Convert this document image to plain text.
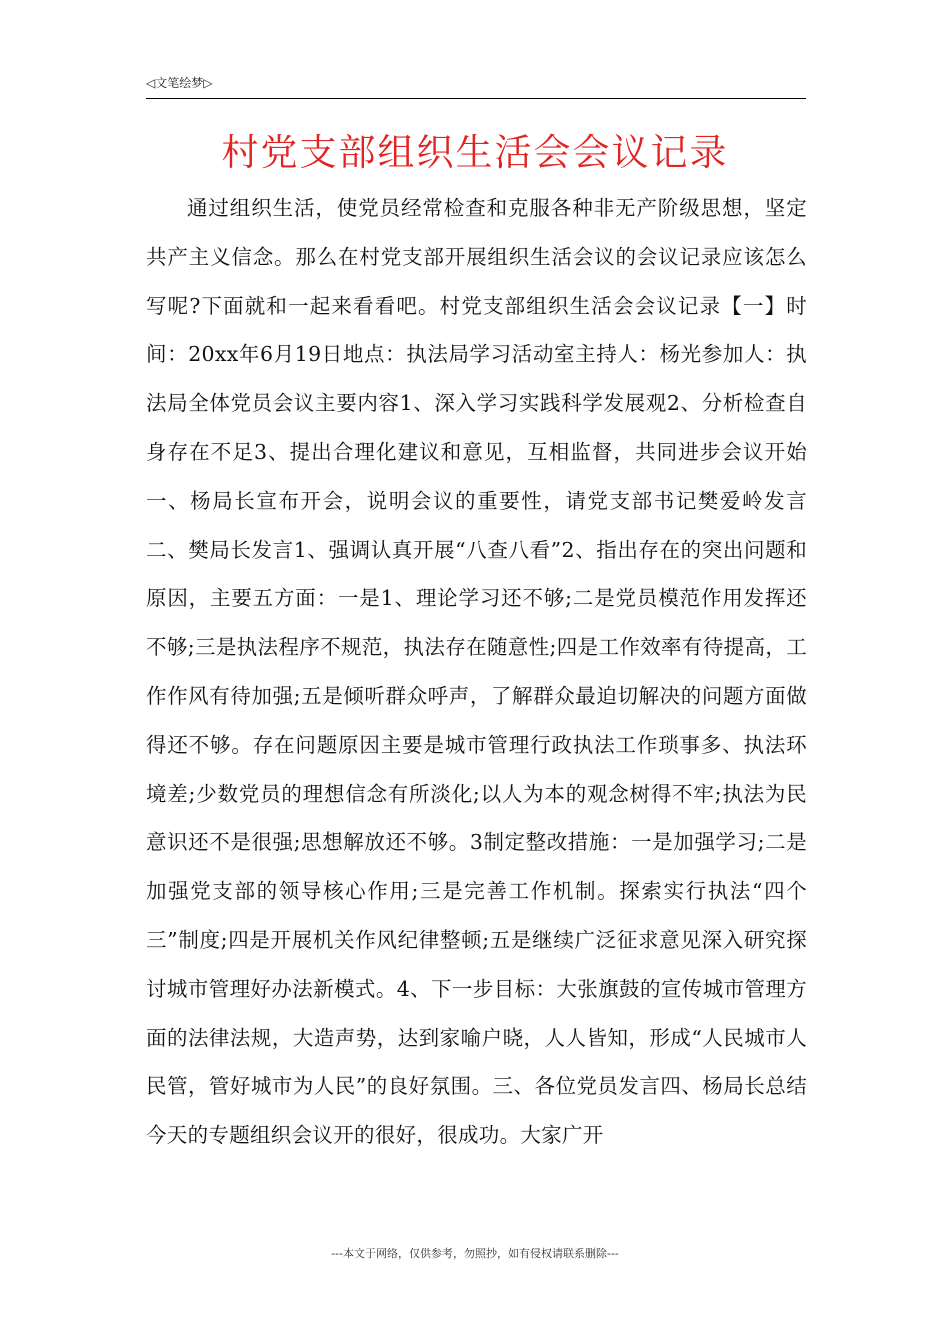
◁文笔绘梦▷
村党支部组织生活会会议记录

通过组织生活，使党员经常检查和克服各种非无产阶级思想，坚定共产主义信念。那么在村党支部开展组织生活会议的会议记录应该怎么写呢?下面就和一起来看看吧。村党支部组织生活会会议记录【一】时间：20xx年6月19日地点：执法局学习活动室主持人：杨光参加人：执法局全体党员会议主要内容1、深入学习实践科学发展观2、分析检查自身存在不足3、提出合理化建议和意见，互相监督，共同进步会议开始一、杨局长宣布开会，说明会议的重要性，请党支部书记樊爱岭发言二、樊局长发言1、强调认真开展“八查八看”2、指出存在的突出问题和原因，主要五方面：一是1、理论学习还不够;二是党员模范作用发挥还不够;三是执法程序不规范，执法存在随意性;四是工作效率有待提高，工作作风有待加强;五是倾听群众呼声，了解群众最迫切解决的问题方面做得还不够。存在问题原因主要是城市管理行政执法工作琐事多、执法环境差;少数党员的理想信念有所淡化;以人为本的观念树得不牢;执法为民意识还不是很强;思想解放还不够。3制定整改措施：一是加强学习;二是加强党支部的领导核心作用;三是完善工作机制。探索实行执法“四个三”制度;四是开展机关作风纪律整顿;五是继续广泛征求意见深入研究探讨城市管理好办法新模式。4、下一步目标：大张旗鼓的宣传城市管理方面的法律法规，大造声势，达到家喻户晓，人人皆知，形成“人民城市人民管，管好城市为人民”的良好氛围。三、各位党员发言四、杨局长总结今天的专题组织会议开的很好，很成功。大家广开

---本文于网络，仅供参考，勿照抄，如有侵权请联系删除---
